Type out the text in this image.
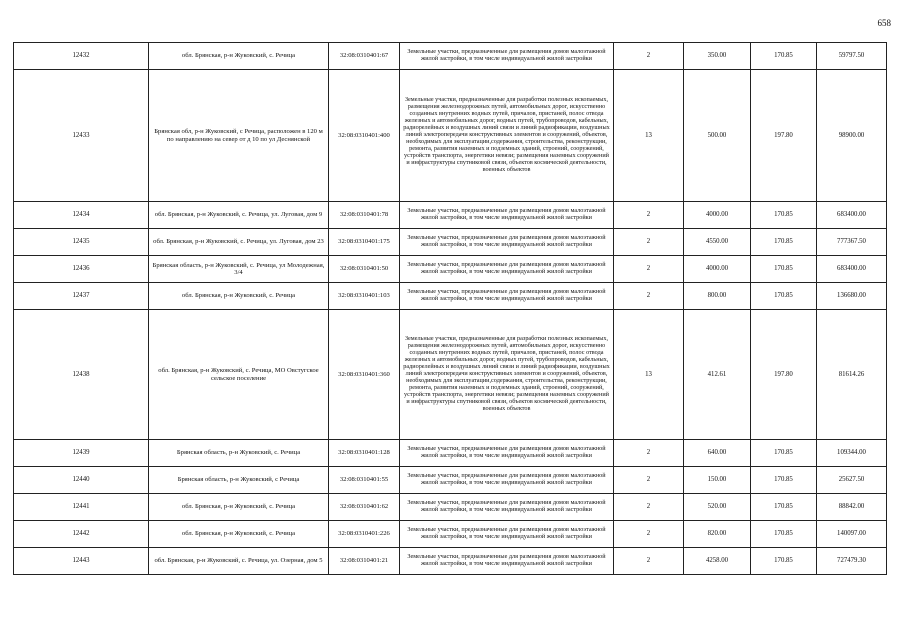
658
12432	обл. Брянская, р-н Жуковский, с. Речица	32:08:0310401:67	Земельные участки, предназначенные для размещения домов малоэтажной жилой застройки, в том числе индивидуальной жилой застройки	2	350.00	170.85	59797.50
12433	Брянская обл, р-н Жуковский, с Речица, расположен в 120 м по направлению на север от д 10 по ул Деснянской	32:08:0310401:400	Земельные участки, предназначенные для разработки полезных ископаемых, размещения железнодорожных путей, автомобильных дорог, искусственно созданных внутренних водных путей, причалов, пристаней, полос отвода железных и автомобильных дорог, водных путей, трубопроводов, кабельных, радиорелейных и воздушных линий связи и линий радиофикации, воздушных линий электропередачи конструктивных элементов и сооружений, объектов, необходимых для эксплуатации,содержания, строительства, реконструкции, ремонта, развития наземных и подземных зданий, строений, сооружений, устройств транспорта, энергетики невязи; размещения наземных сооружений и инфраструктуры спутниковой связи, объектов космической деятельности, военных объектов	13	500.00	197.80	98900.00
12434	обл. Брянская, р-н Жуковский, с. Речица, ул. Луговая, дом 9	32:08:0310401:78	Земельные участки, предназначенные для размещения домов малоэтажной жилой застройки, в том числе индивидуальной жилой застройки	2	4000.00	170.85	683400.00
12435	обл. Брянская, р-н Жуковский, с. Речица, ул. Луговая, дом 23	32:08:0310401:175	Земельные участки, предназначенные для размещения домов малоэтажной жилой застройки, в том числе индивидуальной жилой застройки	2	4550.00	170.85	777367.50
12436	Брянская область, р-н Жуковский, с. Речица, ул Молодежная, 3/4	32:08:0310401:50	Земельные участки, предназначенные для размещения домов малоэтажной жилой застройки, в том числе индивидуальной жилой застройки	2	4000.00	170.85	683400.00
12437	обл. Брянская, р-н Жуковский, с. Речица	32:08:0310401:103	Земельные участки, предназначенные для размещения домов малоэтажной жилой застройки, в том числе индивидуальной жилой застройки	2	800.00	170.85	136680.00
12438	обл. Брянская, р-н Жуковский, с. Речица, МО Овстугское сельское поселение	32:08:0310401:360	Земельные участки, предназначенные для разработки полезных ископаемых, размещения железнодорожных путей, автомобильных дорог, искусственно созданных внутренних водных путей, причалов, пристаней, полос отвода железных и автомобильных дорог, водных путей, трубопроводов, кабельных, радиорелейных и воздушных линий связи и линий радиофикации, воздушных линий электропередачи конструктивных элементов и сооружений, объектов, необходимых для эксплуатации,содержания, строительства, реконструкции, ремонта, развития наземных и подземных зданий, строений, сооружений, устройств транспорта, энергетики невязи; размещения наземных сооружений и инфраструктуры спутниковой связи, объектов космической деятельности, военных объектов	13	412.61	197.80	81614.26
12439	Брянская область, р-н Жуковский, с. Речица	32:08:0310401:128	Земельные участки, предназначенные для размещения домов малоэтажной жилой застройки, в том числе индивидуальной жилой застройки	2	640.00	170.85	109344.00
12440	Брянская область, р-н Жуковский, с Речица	32:08:0310401:55	Земельные участки, предназначенные для размещения домов малоэтажной жилой застройки, в том числе индивидуальной жилой застройки	2	150.00	170.85	25627.50
12441	обл. Брянская, р-н Жуковский, с. Речица	32:08:0310401:62	Земельные участки, предназначенные для размещения домов малоэтажной жилой застройки, в том числе индивидуальной жилой застройки	2	520.00	170.85	88842.00
12442	обл. Брянская, р-н Жуковский, с. Речица	32:08:0310401:226	Земельные участки, предназначенные для размещения домов малоэтажной жилой застройки, в том числе индивидуальной жилой застройки	2	820.00	170.85	140097.00
12443	обл. Брянская, р-н Жуковский, с. Речица, ул. Озерная, дом 5	32:08:0310401:21	Земельные участки, предназначенные для размещения домов малоэтажной жилой застройки, в том числе индивидуальной жилой застройки	2	4258.00	170.85	727479.30
